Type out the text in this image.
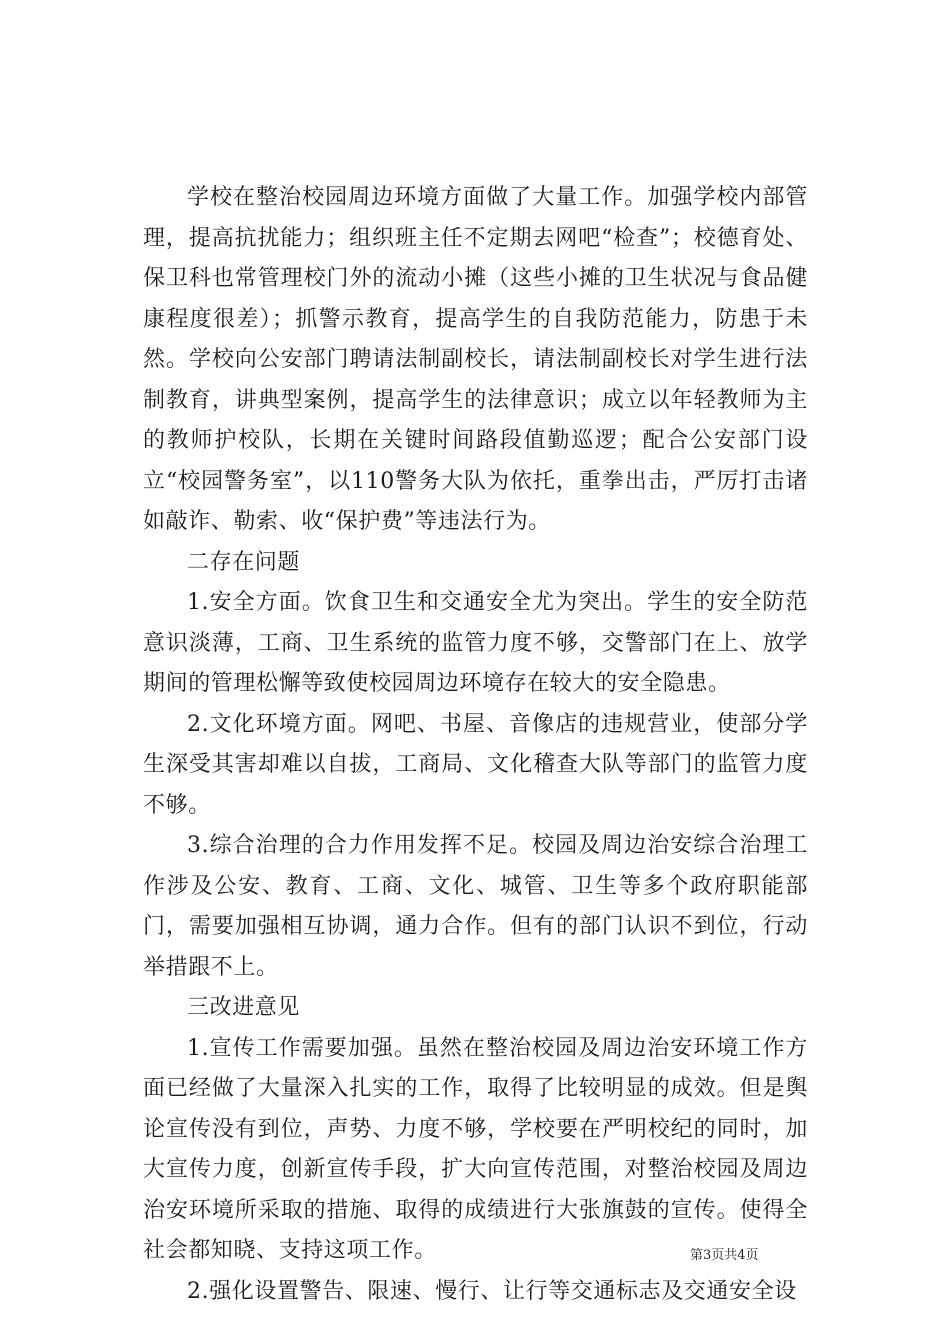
学校在整治校园周边环境方面做了大量工作。加强学校内部管理，提高抗扰能力；组织班主任不定期去网吧“检查”；校德育处、保卫科也常管理校门外的流动小摊（这些小摊的卫生状况与食品健康程度很差）；抓警示教育，提高学生的自我防范能力，防患于未然。学校向公安部门聘请法制副校长，请法制副校长对学生进行法制教育，讲典型案例，提高学生的法律意识；成立以年轻教师为主的教师护校队，长期在关键时间路段值勤巡逻；配合公安部门设立“校园警务室”，以110警务大队为依托，重拳出击，严厉打击诸如敲诈、勒索、收“保护费”等违法行为。

二存在问题

1.安全方面。饮食卫生和交通安全尤为突出。学生的安全防范意识淡薄，工商、卫生系统的监管力度不够，交警部门在上、放学期间的管理松懈等致使校园周边环境存在较大的安全隐患。

2.文化环境方面。网吧、书屋、音像店的违规营业，使部分学生深受其害却难以自拔，工商局、文化稽查大队等部门的监管力度不够。

3.综合治理的合力作用发挥不足。校园及周边治安综合治理工作涉及公安、教育、工商、文化、城管、卫生等多个政府职能部门，需要加强相互协调，通力合作。但有的部门认识不到位，行动举措跟不上。

三改进意见

1.宣传工作需要加强。虽然在整治校园及周边治安环境工作方面已经做了大量深入扎实的工作，取得了比较明显的成效。但是舆论宣传没有到位，声势、力度不够，学校要在严明校纪的同时，加大宣传力度，创新宣传手段，扩大向宣传范围，对整治校园及周边治安环境所采取的措施、取得的成绩进行大张旗鼓的宣传。使得全社会都知晓、支持这项工作。

2.强化设置警告、限速、慢行、让行等交通标志及交通安全设

第3页共4页
